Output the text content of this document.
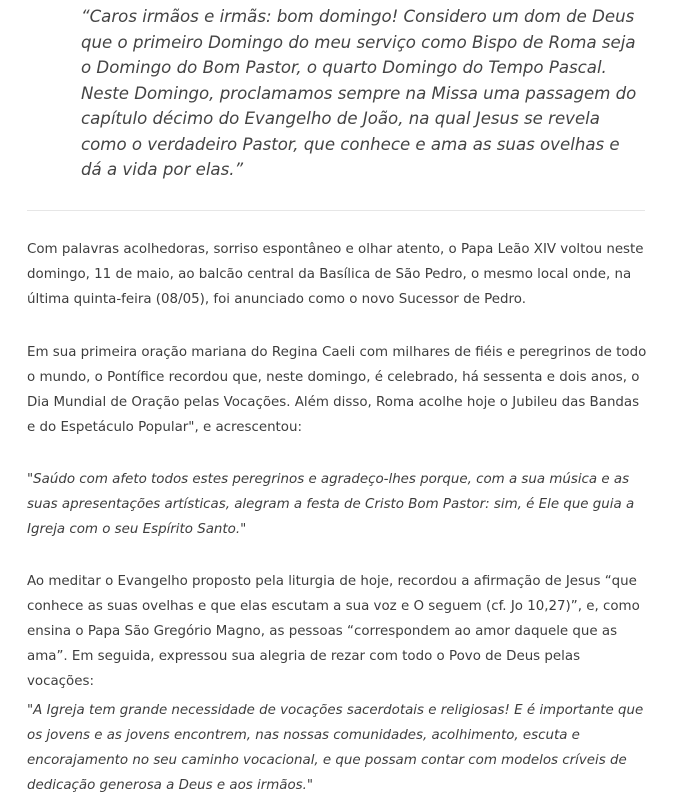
“Caros irmãos e irmãs: bom domingo! Considero um dom de Deus que o primeiro Domingo do meu serviço como Bispo de Roma seja o Domingo do Bom Pastor, o quarto Domingo do Tempo Pascal. Neste Domingo, proclamamos sempre na Missa uma passagem do capítulo décimo do Evangelho de João, na qual Jesus se revela como o verdadeiro Pastor, que conhece e ama as suas ovelhas e dá a vida por elas.”

Com palavras acolhedoras, sorriso espontâneo e olhar atento, o Papa Leão XIV voltou neste domingo, 11 de maio, ao balcão central da Basílica de São Pedro, o mesmo local onde, na última quinta-feira (08/05), foi anunciado como o novo Sucessor de Pedro.

Em sua primeira oração mariana do Regina Caeli com milhares de fiéis e peregrinos de todo o mundo, o Pontífice recordou que, neste domingo, é celebrado, há sessenta e dois anos, o Dia Mundial de Oração pelas Vocações. Além disso, Roma acolhe hoje o Jubileu das Bandas e do Espetáculo Popular", e acrescentou:

"Saúdo com afeto todos estes peregrinos e agradeço-lhes porque, com a sua música e as suas apresentações artísticas, alegram a festa de Cristo Bom Pastor: sim, é Ele que guia a Igreja com o seu Espírito Santo."

Ao meditar o Evangelho proposto pela liturgia de hoje, recordou a afirmação de Jesus “que conhece as suas ovelhas e que elas escutam a sua voz e O seguem (cf. Jo 10,27)”, e, como ensina o Papa São Gregório Magno, as pessoas “correspondem ao amor daquele que as ama”. Em seguida, expressou sua alegria de rezar com todo o Povo de Deus pelas vocações:

"A Igreja tem grande necessidade de vocações sacerdotais e religiosas! E é importante que os jovens e as jovens encontrem, nas nossas comunidades, acolhimento, escuta e encorajamento no seu caminho vocacional, e que possam contar com modelos críveis de dedicação generosa a Deus e aos irmãos."
